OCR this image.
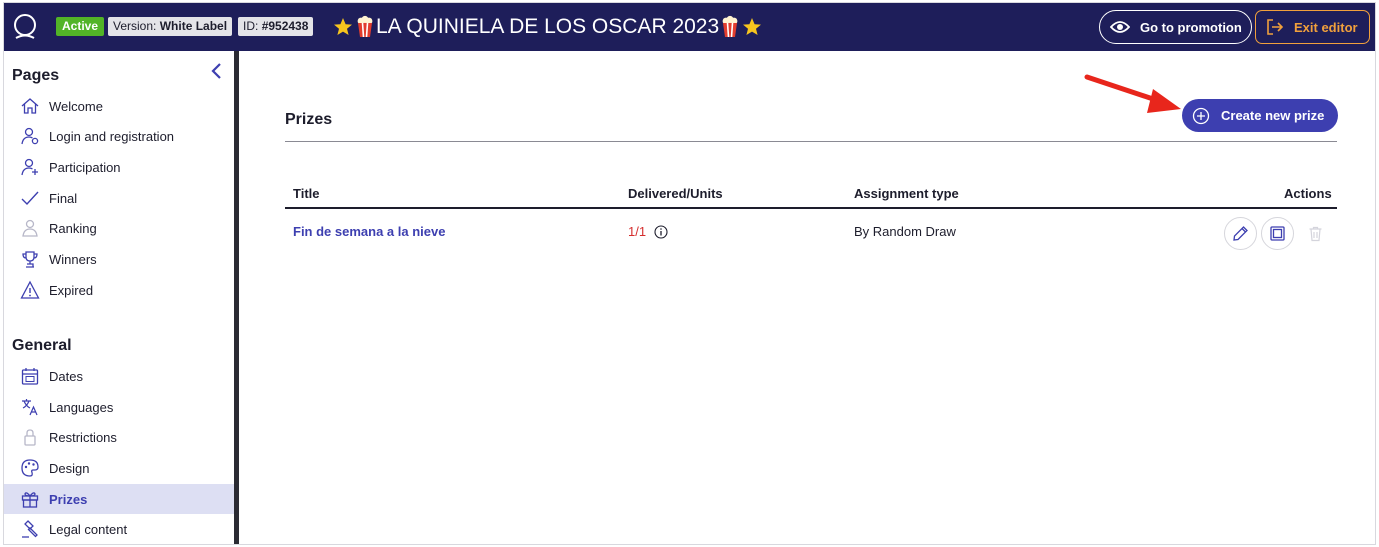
Active	Version: White Label	ID: #952438	LA QUINIELA DE LOS OSCAR 2023	Go to promotion	Exit editor
Pages
Welcome
Login and registration
Participation
Final
Ranking
Winners
Expired
General
Dates
Languages
Restrictions
Design
Prizes
Legal content
Prizes	Create new prize
Title	Delivered/Units	Assignment type	Actions
Fin de semana a la nieve	1/1	By Random Draw
